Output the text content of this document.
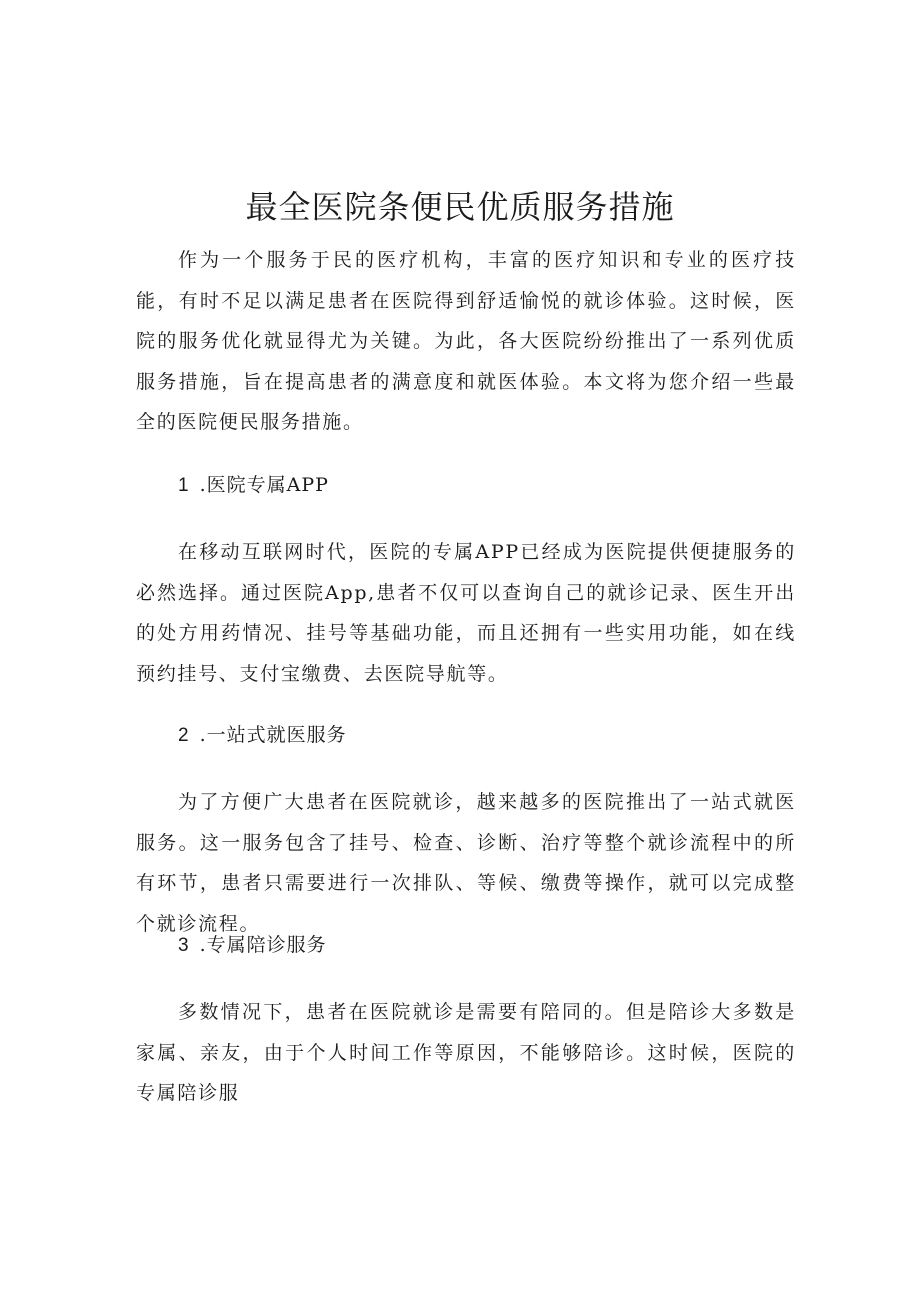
最全医院条便民优质服务措施

作为一个服务于民的医疗机构，丰富的医疗知识和专业的医疗技能，有时不足以满足患者在医院得到舒适愉悦的就诊体验。这时候，医院的服务优化就显得尤为关键。为此，各大医院纷纷推出了一系列优质服务措施，旨在提高患者的满意度和就医体验。本文将为您介绍一些最全的医院便民服务措施。

1 .医院专属APP

在移动互联网时代，医院的专属APP已经成为医院提供便捷服务的必然选择。通过医院App,患者不仅可以查询自己的就诊记录、医生开出的处方用药情况、挂号等基础功能，而且还拥有一些实用功能，如在线预约挂号、支付宝缴费、去医院导航等。

2 .一站式就医服务

为了方便广大患者在医院就诊，越来越多的医院推出了一站式就医服务。这一服务包含了挂号、检查、诊断、治疗等整个就诊流程中的所有环节，患者只需要进行一次排队、等候、缴费等操作，就可以完成整个就诊流程。

3 .专属陪诊服务

多数情况下，患者在医院就诊是需要有陪同的。但是陪诊大多数是家属、亲友，由于个人时间工作等原因，不能够陪诊。这时候，医院的专属陪诊服
